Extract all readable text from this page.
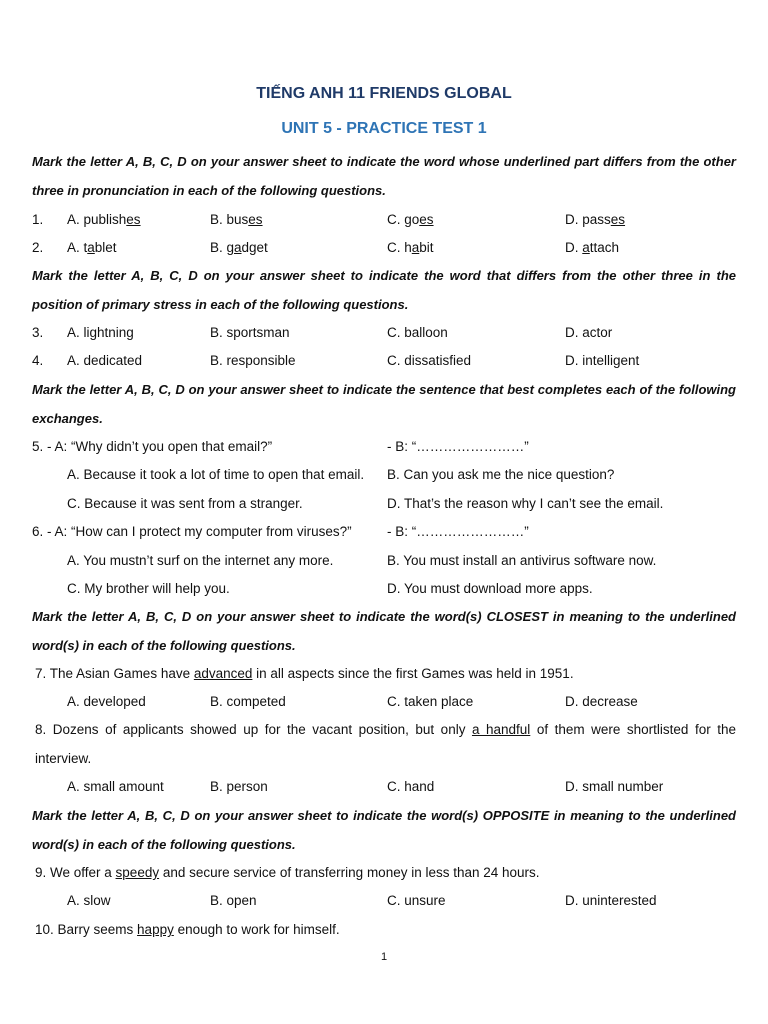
TIẾNG ANH 11 FRIENDS GLOBAL
UNIT 5 - PRACTICE TEST 1
Mark the letter A, B, C, D on your answer sheet to indicate the word whose underlined part differs from the other three in pronunciation in each of the following questions.
1. A. publishes	B. buses	C. goes	D. passes
2. A. tablet	B. gadget	C. habit	D. attach
Mark the letter A, B, C, D on your answer sheet to indicate the word that differs from the other three in the position of primary stress in each of the following questions.
3. A. lightning	B. sportsman	C. balloon	D. actor
4. A. dedicated	B. responsible	C. dissatisfied	D. intelligent
Mark the letter A, B, C, D on your answer sheet to indicate the sentence that best completes each of the following exchanges.
5. - A: “Why didn’t you open that email?”	- B: “……………………”
A. Because it took a lot of time to open that email. B. Can you ask me the nice question?
C. Because it was sent from a stranger.	D. That’s the reason why I can’t see the email.
6. - A: “How can I protect my computer from viruses?”	- B: “……………………”
A. You mustn’t surf on the internet any more.	B. You must install an antivirus software now.
C. My brother will help you.	D. You must download more apps.
Mark the letter A, B, C, D on your answer sheet to indicate the word(s) CLOSEST in meaning to the underlined word(s) in each of the following questions.
7. The Asian Games have advanced in all aspects since the first Games was held in 1951.
A. developed	B. competed	C. taken place	D. decrease
8. Dozens of applicants showed up for the vacant position, but only a handful of them were shortlisted for the interview.
A. small amount	B. person	C. hand	D. small number
Mark the letter A, B, C, D on your answer sheet to indicate the word(s) OPPOSITE in meaning to the underlined word(s) in each of the following questions.
9. We offer a speedy and secure service of transferring money in less than 24 hours.
A. slow	B. open	C. unsure	D. uninterested
10. Barry seems happy enough to work for himself.
1
